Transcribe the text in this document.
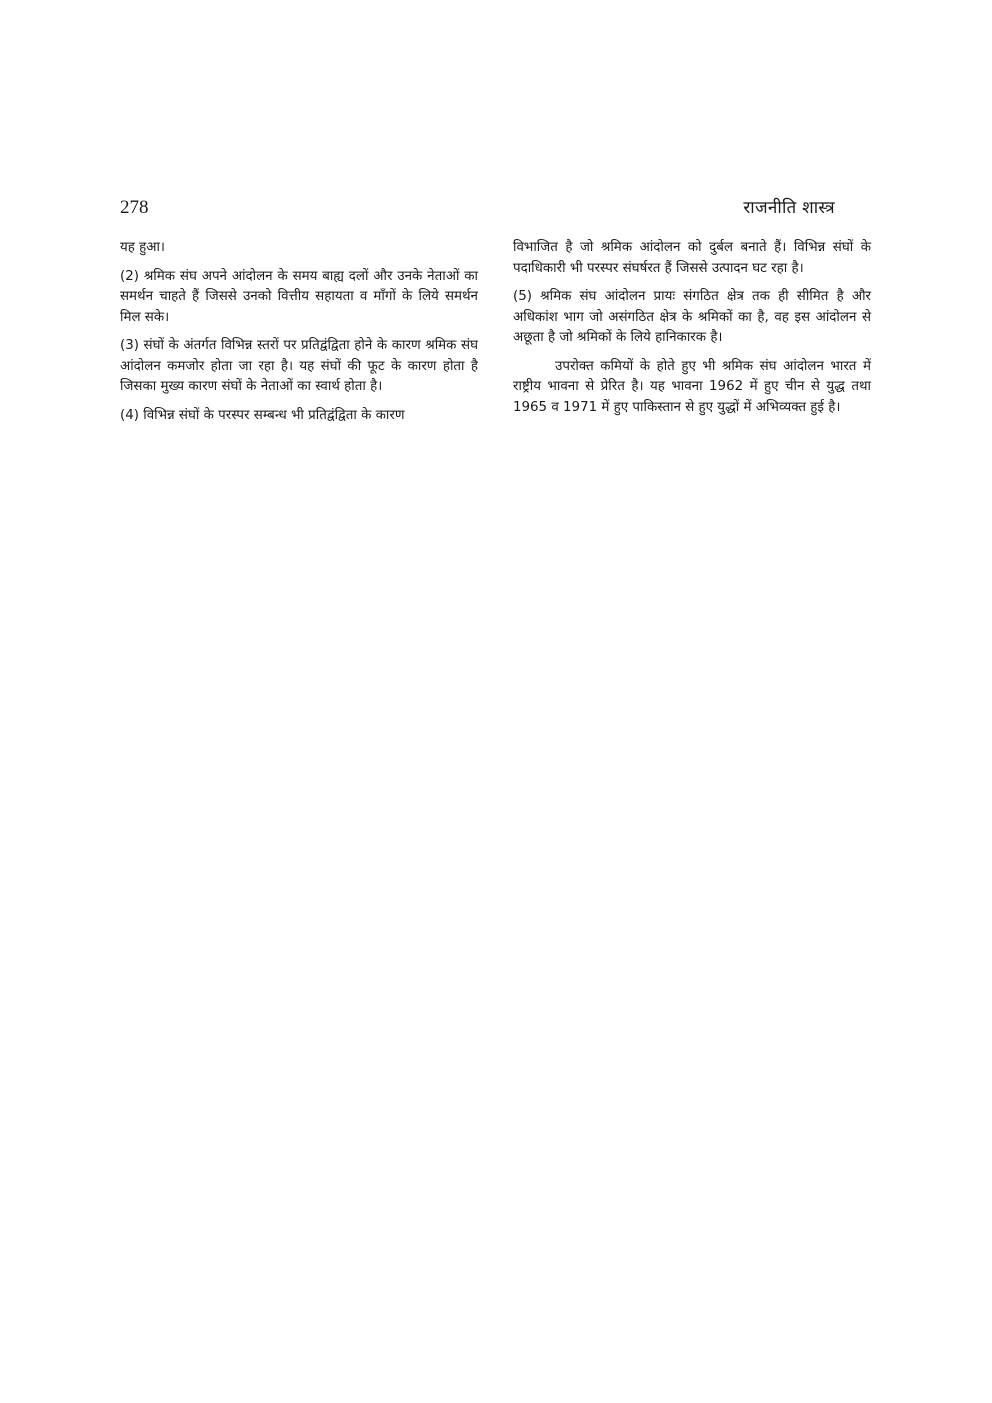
278	राजनीति शास्त्र

यह हुआ।

(2) श्रमिक संघ अपने आंदोलन के समय बाह्य दलों और उनके नेताओं का समर्थन चाहते हैं जिससे उनको वित्तीय सहायता व माँगों के लिये समर्थन मिल सके।

(3) संघों के अंतर्गत विभिन्न स्तरों पर प्रतिद्वंद्विता होने के कारण श्रमिक संघ आंदोलन कमजोर होता जा रहा है। यह संघों की फूट के कारण होता है जिसका मुख्य कारण संघों के नेताओं का स्वार्थ होता है।

(4) विभिन्न संघों के परस्पर सम्बन्ध भी प्रतिद्वंद्विता के कारण

विभाजित है जो श्रमिक आंदोलन को दुर्बल बनाते हैं। विभिन्न संघों के पदाधिकारी भी परस्पर संघर्षरत हैं जिससे उत्पादन घट रहा है।

(5) श्रमिक संघ आंदोलन प्रायः संगठित क्षेत्र तक ही सीमित है और अधिकांश भाग जो असंगठित क्षेत्र के श्रमिकों का है, वह इस आंदोलन से अछूता है जो श्रमिकों के लिये हानिकारक है।

उपरोक्त कमियों के होते हुए भी श्रमिक संघ आंदोलन भारत में राष्ट्रीय भावना से प्रेरित है। यह भावना 1962 में हुए चीन से युद्ध तथा 1965 व 1971 में हुए पाकिस्तान से हुए युद्धों में अभिव्यक्त हुई है।
